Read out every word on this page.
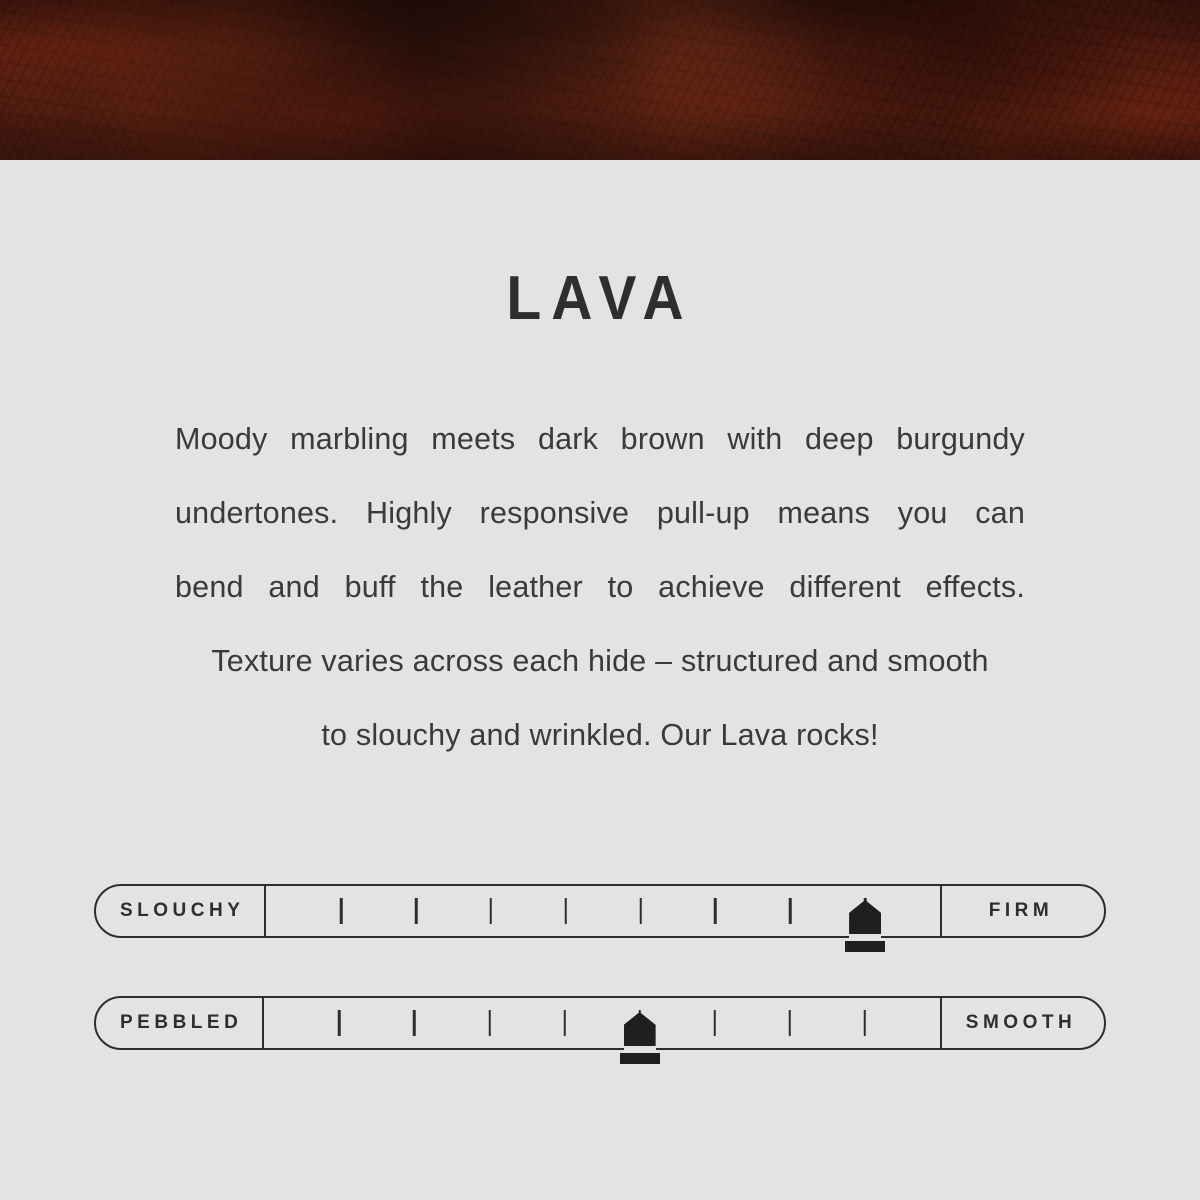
LAVA
Moody marbling meets dark brown with deep burgundy
undertones. Highly responsive pull-up means you can
bend and buff the leather to achieve different effects.
Texture varies across each hide – structured and smooth
to slouchy and wrinkled. Our Lava rocks!
SLOUCHY	FIRM
PEBBLED	SMOOTH
